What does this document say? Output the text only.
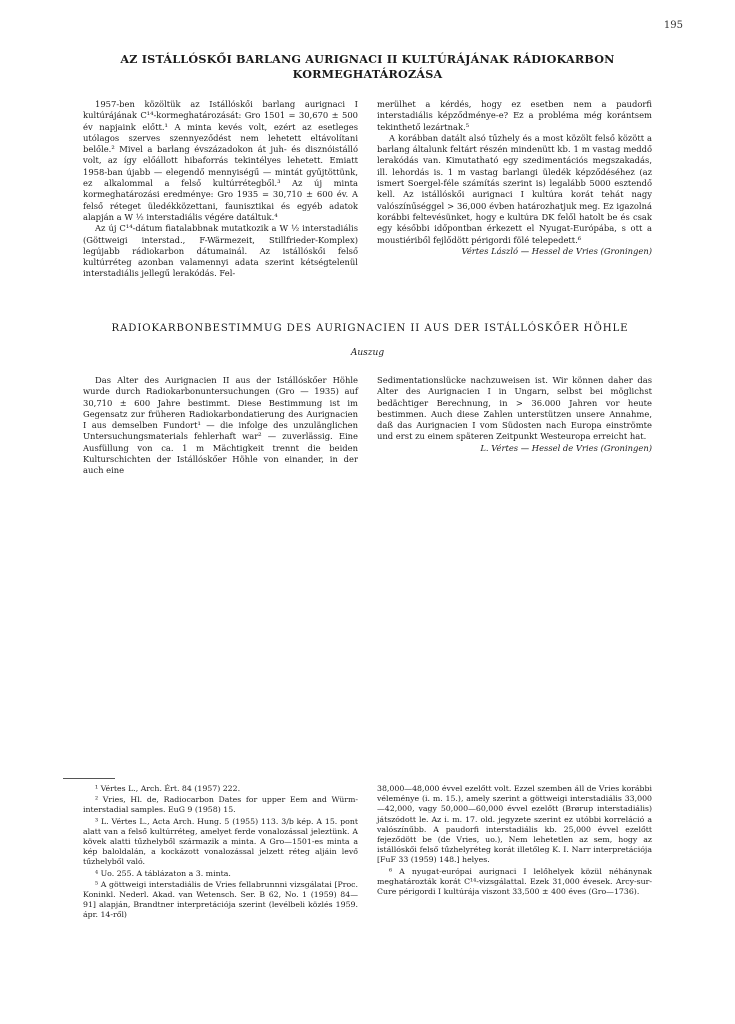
195
AZ ISTÁLLÓSKŐI BARLANG AURIGNACI II KULTÚRÁJÁNAK RÁDIOKARBON
KORMEGHATÁROZÁSA

1957-ben közöltük az Istállóskői barlang aurignaci I kultúrájának C¹⁴-kormeghatározását: Gro 1501 = 30,670 ± 500 év napjaink előtt.¹ A minta kevés volt, ezért az esetleges utólagos szerves szennyeződést nem lehetett eltávolítani belőle.² Mivel a barlang évszázadokon át juh- és disznóistálló volt, az így előállott hibaforrás tekintélyes lehetett. Emiatt 1958-ban újabb — elegendő mennyiségű — mintát gyűjtöttünk, ez alkalommal a felső kultúrrétegből.³ Az új minta kormeghatározási eredménye: Gro 1935 = 30,710 ± 600 év. A felső réteget üledékközettani, faunisztikai és egyéb adatok alapján a W ½ interstadiális végére datáltuk.⁴

Az új C¹⁴-dátum fiatalabbnak mutatkozik a W ½ interstadiális (Göttweigi interstad., F-Wärmezeit, Stillfrieder-Komplex) legújabb rádiokarbon dátumainál. Az istállóskői felső kultúrréteg azonban valamennyi adata szerint kétségtelenül interstadiális jellegű lerakódás. Fel-

merülhet a kérdés, hogy ez esetben nem a paudorfi interstadiális képződménye-e? Ez a probléma még korántsem tekinthető lezártnak.⁵

A korábban datált alsó tűzhely és a most közölt felső között a barlang általunk feltárt részén mindenütt kb. 1 m vastag meddő lerakódás van. Kimutatható egy szedimentációs megszakadás, ill. lehordás is. 1 m vastag barlangi üledék képződéséhez (az ismert Soergel-féle számítás szerint is) legalább 5000 esztendő kell. Az istállóskői aurignaci I kultúra korát tehát nagy valószínűséggel > 36,000 évben határozhatjuk meg. Ez igazolná korábbi feltevésünket, hogy e kultúra DK felől hatolt be és csak egy későbbi időpontban érkezett el Nyugat-Európába, s ott a moustiériből fejlődött périgordi fölé telepedett.⁶

Vértes László — Hessel de Vries (Groningen)

RADIOKARBONBESTIMMUG DES AURIGNACIEN II AUS DER ISTÁLLÓSKŐER HÖHLE
Auszug

Das Alter des Aurignacien II aus der Istállóskőer Höhle wurde durch Radiokarbonuntersuchungen (Gro — 1935) auf 30,710 ± 600 Jahre bestimmt. Diese Bestimmung ist im Gegensatz zur früheren Radiokarbondatierung des Aurignacien I aus demselben Fundort¹ — die infolge des unzulänglichen Untersuchungsmaterials fehlerhaft war² — zuverlässig. Eine Ausfüllung von ca. 1 m Mächtigkeit trennt die beiden Kulturschichten der Istállóskőer Höhle von einander, in der auch eine

Sedimentationslücke nachzuweisen ist. Wir können daher das Alter des Aurignacien I in Ungarn, selbst bei möglichst bedächtiger Berechnung, in > 36.000 Jahren vor heute bestimmen. Auch diese Zahlen unterstützen unsere Annahme, daß das Aurignacien I vom Südosten nach Europa einströmte und erst zu einem späteren Zeitpunkt Westeuropa erreicht hat.

L. Vértes — Hessel de Vries (Groningen)

¹ Vértes L., Arch. Ért. 84 (1957) 222.

² Vries, Hl. de, Radiocarbon Dates for upper Eem and Würm-interstadial samples. EuG 9 (1958) 15.

³ L. Vértes L., Acta Arch. Hung. 5 (1955) 113. 3/b kép. A 15. pont alatt van a felső kultúrréteg, amelyet ferde vonalozással jeleztünk. A kövek alatti tűzhelyből származik a minta. A Gro—1501-es minta a kép baloldalán, a kockázott vonalozással jelzett réteg aljáin levő tűzhelyből való.

⁴ Uo. 255. A táblázaton a 3. minta.

⁵ A göttweigi interstadiális de Vries fellabrunnni vizsgálatai [Proc. Koninkl. Nederl. Akad. van Wetensch. Ser. B 62, No. 1 (1959) 84—91] alapján, Brandtner interpretációja szerint (levélbeli közlés 1959. ápr. 14-ről)

38,000—48,000 évvel ezelőtt volt. Ezzel szemben áll de Vries korábbi véleménye (i. m. 15.), amely szerint a göttweigi interstadiális 33,000—42,000, vagy 50,000—60,000 évvel ezelőtt (Brørup interstadiális) játszódott le. Az i. m. 17. old. jegyzete szerint ez utóbbi korreláció a valószínűbb. A paudorfi interstadiális kb. 25,000 évvel ezelőtt fejeződött be (de Vries, uo.), Nem lehetetlen az sem, hogy az istállóskői felső tűzhelyréteg korát illetőleg K. I. Narr interpretációja [FuF 33 (1959) 148.] helyes.

⁶ A nyugat-európai aurignaci I lelőhelyek közül néhánynak meghatározták korát C¹⁴-vizsgálattal. Ezek 31,000 évesek. Arcy-sur-Cure périgordi I kultúrája viszont 33,500 ± 400 éves (Gro—1736).
